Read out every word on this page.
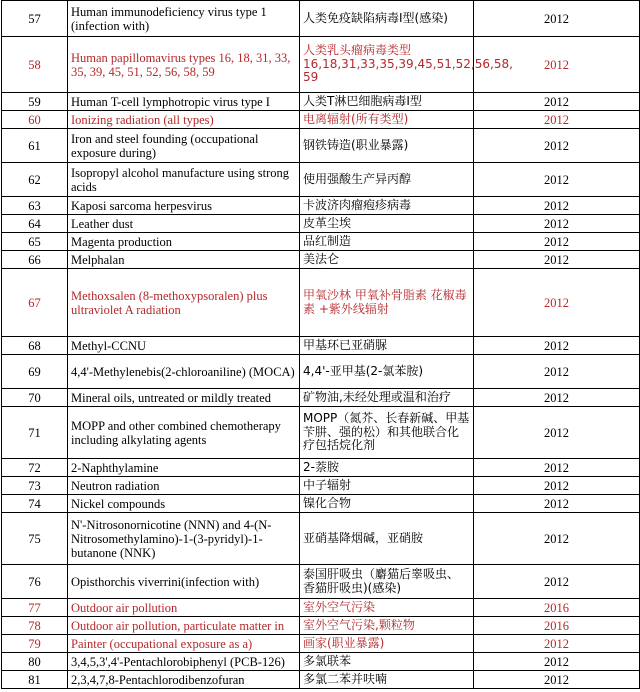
57	Human immunodeficiency virus type 1 (infection with)	人类免疫缺陷病毒I型(感染)	2012
58	Human papillomavirus types 16, 18, 31, 33, 35, 39, 45, 51, 52, 56, 58, 59	人类乳头瘤病毒类型 16,18,31,33,35,39,45,51,52,56,58, 59	2012
59	Human T-cell lymphotropic virus type I	人类T淋巴细胞病毒I型	2012
60	Ionizing radiation (all types)	电离辐射(所有类型)	2012
61	Iron and steel founding (occupational exposure during)	钢铁铸造(职业暴露)	2012
62	Isopropyl alcohol manufacture using strong acids	使用强酸生产异丙醇	2012
63	Kaposi sarcoma herpesvirus	卡波济肉瘤疱疹病毒	2012
64	Leather dust	皮革尘埃	2012
65	Magenta production	品红制造	2012
66	Melphalan	美法仑	2012
67	Methoxsalen (8-methoxypsoralen) plus ultraviolet A radiation	甲氧沙林 甲氧补骨脂素 花椒毒素 +紫外线辐射	2012
68	Methyl-CCNU	甲基环已亚硝脲	2012
69	4,4'-Methylenebis(2-chloroaniline) (MOCA)	4,4'-亚甲基(2-氯苯胺)	2012
70	Mineral oils, untreated or mildly treated	矿物油,未经处理或温和治疗	2012
71	MOPP and other combined chemotherapy including alkylating agents	MOPP（氮芥、长春新碱、甲基苄肼、强的松）和其他联合化疗包括烷化剂	2012
72	2-Naphthylamine	2-萘胺	2012
73	Neutron radiation	中子辐射	2012
74	Nickel compounds	镍化合物	2012
75	N'-Nitrosonornicotine (NNN) and 4-(N-Nitrosomethylamino)-1-(3-pyridyl)-1-butanone (NNK)	亚硝基降烟碱，亚硝胺	2012
76	Opisthorchis viverrini(infection with)	泰国肝吸虫（麝猫后睾吸虫、香猫肝吸虫)(感染)	2012
77	Outdoor air pollution	室外空气污染	2016
78	Outdoor air pollution, particulate matter in	室外空气污染,颗粒物	2016
79	Painter (occupational exposure as a)	画家(职业暴露)	2012
80	3,4,5,3',4'-Pentachlorobiphenyl (PCB-126)	多氯联苯	2012
81	2,3,4,7,8-Pentachlorodibenzofuran	多氯二苯并呋喃	2012
